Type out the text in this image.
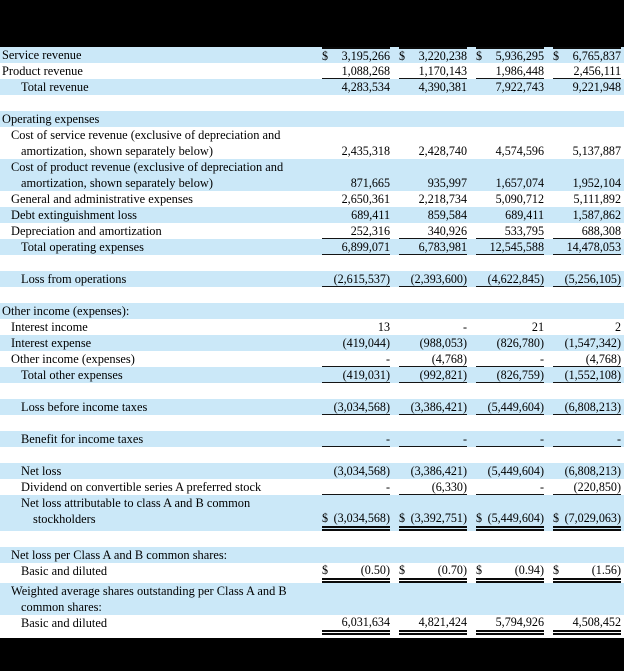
Service revenue	$ 3,195,266 $ 3,220,238 $ 5,936,295 $ 6,765,837
Product revenue	1,088,268 1,170,143 1,986,448 2,456,111
Total revenue	4,283,534 4,390,381 7,922,743 9,221,948
Operating expenses
Cost of service revenue (exclusive of depreciation and
amortization, shown separately below)	2,435,318 2,428,740 4,574,596 5,137,887
Cost of product revenue (exclusive of depreciation and
amortization, shown separately below)	871,665	935,997 1,657,074 1,952,104
General and administrative expenses	2,650,361 2,218,734 5,090,712 5,111,892
Debt extinguishment loss	689,411	859,584	689,411 1,587,862
Depreciation and amortization	252,316	340,926	533,795	688,308
Total operating expenses	6,899,071 6,783,981 12,545,588 14,478,053
Loss from operations	(2,615,537) (2,393,600) (4,622,845) (5,256,105)
Other income (expenses):
Interest income	13	-	21	2
Interest expense	(419,044) (988,053) (826,780) (1,547,342)
Other income (expenses)	-	(4,768)	-	(4,768)
Total other expenses	(419,031) (992,821) (826,759) (1,552,108)
Loss before income taxes	(3,034,568) (3,386,421) (5,449,604) (6,808,213)
Benefit for income taxes	-	-	-	-
Net loss	(3,034,568) (3,386,421) (5,449,604) (6,808,213)
Dividend on convertible series A preferred stock	-	(6,330)	- (220,850)
Net loss attributable to class A and B common
stockholders	$ (3,034,568) $ (3,392,751) $ (5,449,604) $ (7,029,063)
Net loss per Class A and B common shares:
Basic and diluted	$	(0.50) $	(0.70) $	(0.94) $	(1.56)
Weighted average shares outstanding per Class A and B
common shares:
Basic and diluted	6,031,634 4,821,424 5,794,926 4,508,452
